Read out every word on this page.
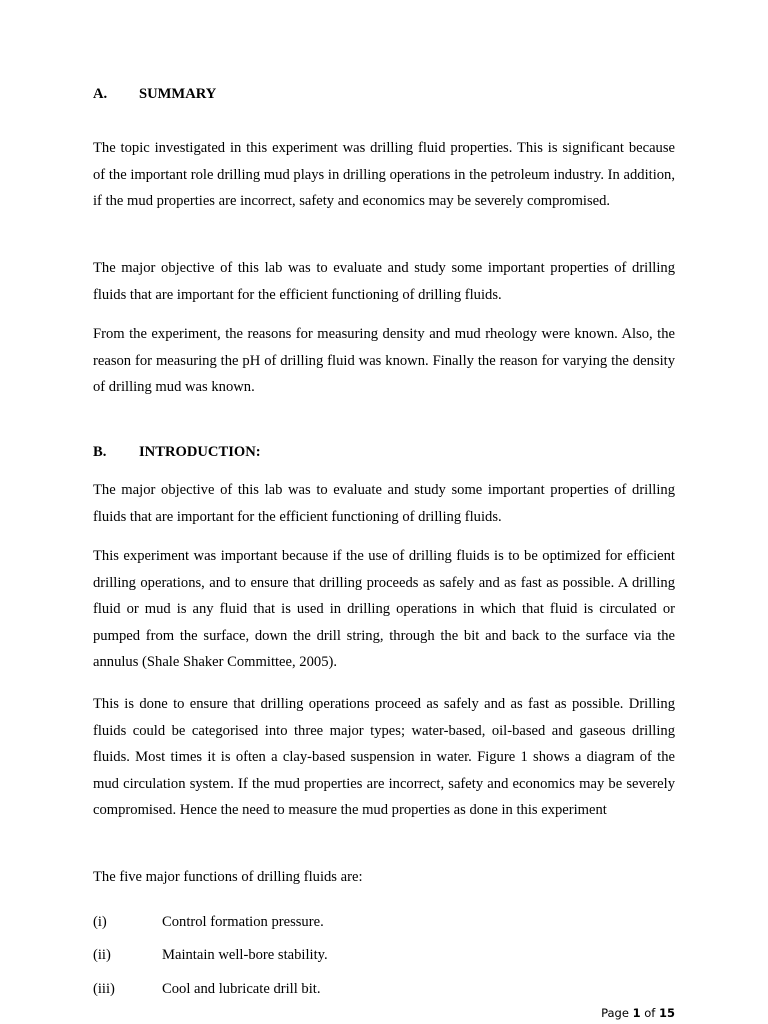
A. SUMMARY

The topic investigated in this experiment was drilling fluid properties. This is significant because of the important role drilling mud plays in drilling operations in the petroleum industry. In addition, if the mud properties are incorrect, safety and economics may be severely compromised.

The major objective of this lab was to evaluate and study some important properties of drilling fluids that are important for the efficient functioning of drilling fluids.

From the experiment, the reasons for measuring density and mud rheology were known. Also, the reason for measuring the pH of drilling fluid was known. Finally the reason for varying the density of drilling mud was known.

B. INTRODUCTION:

The major objective of this lab was to evaluate and study some important properties of drilling fluids that are important for the efficient functioning of drilling fluids.

This experiment was important because if the use of drilling fluids is to be optimized for efficient drilling operations, and to ensure that drilling proceeds as safely and as fast as possible. A drilling fluid or mud is any fluid that is used in drilling operations in which that fluid is circulated or pumped from the surface, down the drill string, through the bit and back to the surface via the annulus (Shale Shaker Committee, 2005).

This is done to ensure that drilling operations proceed as safely and as fast as possible. Drilling fluids could be categorised into three major types; water-based, oil-based and gaseous drilling fluids. Most times it is often a clay-based suspension in water. Figure 1 shows a diagram of the mud circulation system. If the mud properties are incorrect, safety and economics may be severely compromised. Hence the need to measure the mud properties as done in this experiment

The five major functions of drilling fluids are:

(i)	Control formation pressure.
(ii)	Maintain well-bore stability.
(iii)	Cool and lubricate drill bit.
Page 1 of 15
